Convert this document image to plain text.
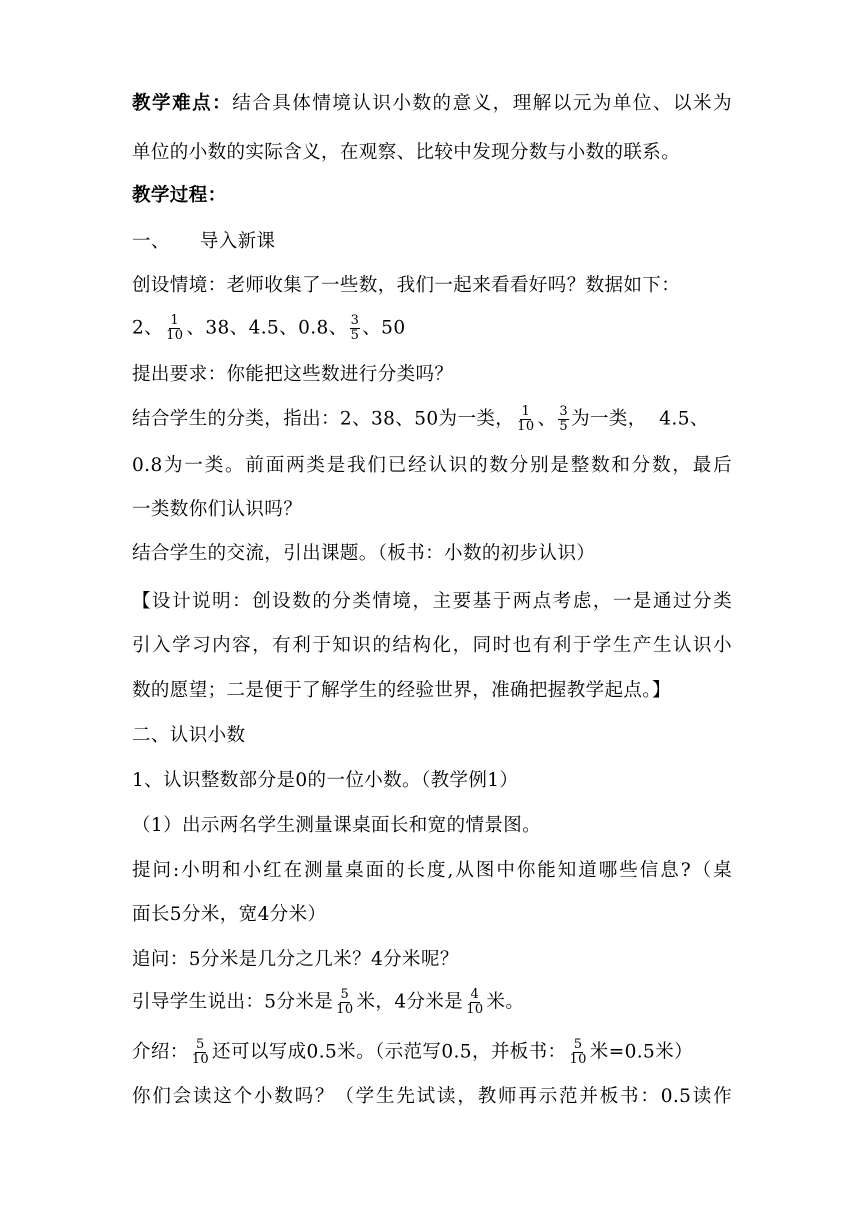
教学难点：结合具体情境认识小数的意义，理解以元为单位、以米为
单位的小数的实际含义，在观察、比较中发现分数与小数的联系。
教学过程：
一、 导入新课
创设情境：老师收集了一些数，我们一起来看看好吗？数据如下：
2、 $\frac{1}{10}$ 、38、4.5、0.8、 $\frac{3}{5}$ 、50
提出要求：你能把这些数进行分类吗？
结合学生的分类，指出：2、38、50为一类， $\frac{1}{10}$ 、 $\frac{3}{5}$ 为一类，  4.5、
0.8为一类。前面两类是我们已经认识的数分别是整数和分数，最后
一类数你们认识吗？
结合学生的交流，引出课题。（板书：小数的初步认识）
【设计说明：创设数的分类情境，主要基于两点考虑，一是通过分类
引入学习内容，有利于知识的结构化，同时也有利于学生产生认识小
数的愿望；二是便于了解学生的经验世界，准确把握教学起点。】
二、认识小数
1、认识整数部分是0的一位小数。（教学例1）
（1）出示两名学生测量课桌面长和宽的情景图。
提问:小明和小红在测量桌面的长度,从图中你能知道哪些信息?（桌
面长5分米，宽4分米）
追问：5分米是几分之几米？4分米呢？
引导学生说出：5分米是 $\frac{5}{10}$ 米，4分米是 $\frac{4}{10}$ 米。
介绍： $\frac{5}{10}$ 还可以写成0.5米。（示范写0.5，并板书： $\frac{5}{10}$ 米=0.5米）
你们会读这个小数吗？（学生先试读，教师再示范并板书：0.5读作
